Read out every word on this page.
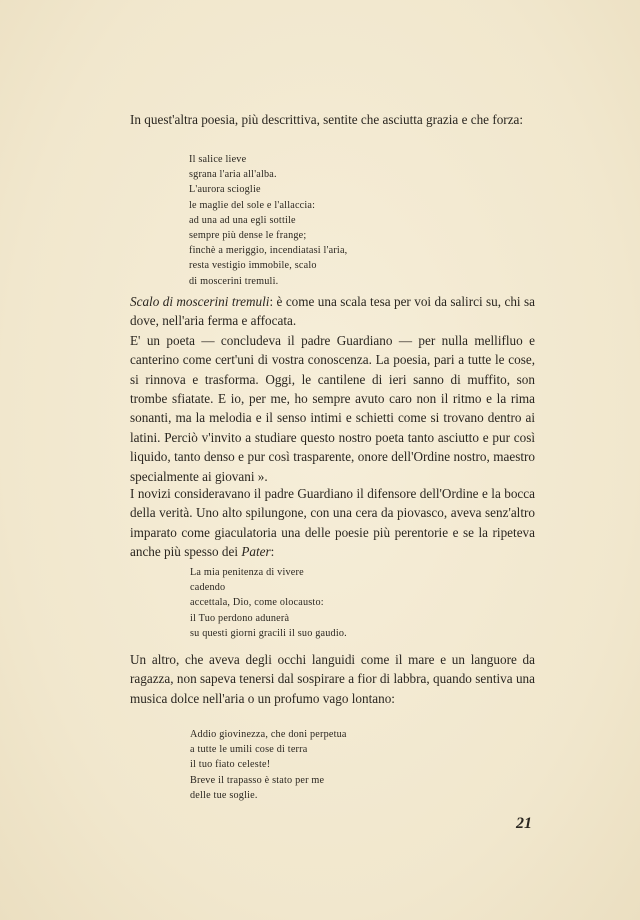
In quest'altra poesia, più descrittiva, sentite che asciutta grazia e che forza:

Il salice lieve
sgrana l'aria all'alba.
L'aurora scioglie
le maglie del sole e l'allaccia:
ad una ad una egli sottile
sempre più dense le frange;
finchè a meriggio, incendiatasi l'aria,
resta vestigio immobile, scalo
di moscerini tremuli.

Scalo di moscerini tremuli: è come una scala tesa per voi da salirci su, chi sa dove, nell'aria ferma e affocata.

E' un poeta — concludeva il padre Guardiano — per nulla mellifluo e canterino come cert'uni di vostra conoscenza. La poesia, pari a tutte le cose, si rinnova e trasforma. Oggi, le cantilene di ieri sanno di muffito, son trombe sfiatate. E io, per me, ho sempre avuto caro non il ritmo e la rima sonanti, ma la melodia e il senso intimi e schietti come si trovano dentro ai latini. Perciò v'invito a studiare questo nostro poeta tanto asciutto e pur così liquido, tanto denso e pur così trasparente, onore dell'Ordine nostro, maestro specialmente ai giovani ».

I novizi consideravano il padre Guardiano il difensore dell'Ordine e la bocca della verità. Uno alto spilungone, con una cera da piovasco, aveva senz'altro imparato come giaculatoria una delle poesie più perentorie e se la ripeteva anche più spesso dei Pater:

La mia penitenza di vivere
cadendo
accettala, Dio, come olocausto:
il Tuo perdono adunerà
su questi giorni gracili il suo gaudio.

Un altro, che aveva degli occhi languidi come il mare e un languore da ragazza, non sapeva tenersi dal sospirare a fior di labbra, quando sentiva una musica dolce nell'aria o un profumo vago lontano:

Addio giovinezza, che doni perpetua
a tutte le umili cose di terra
il tuo fiato celeste!
Breve il trapasso è stato per me
delle tue soglie.
21
